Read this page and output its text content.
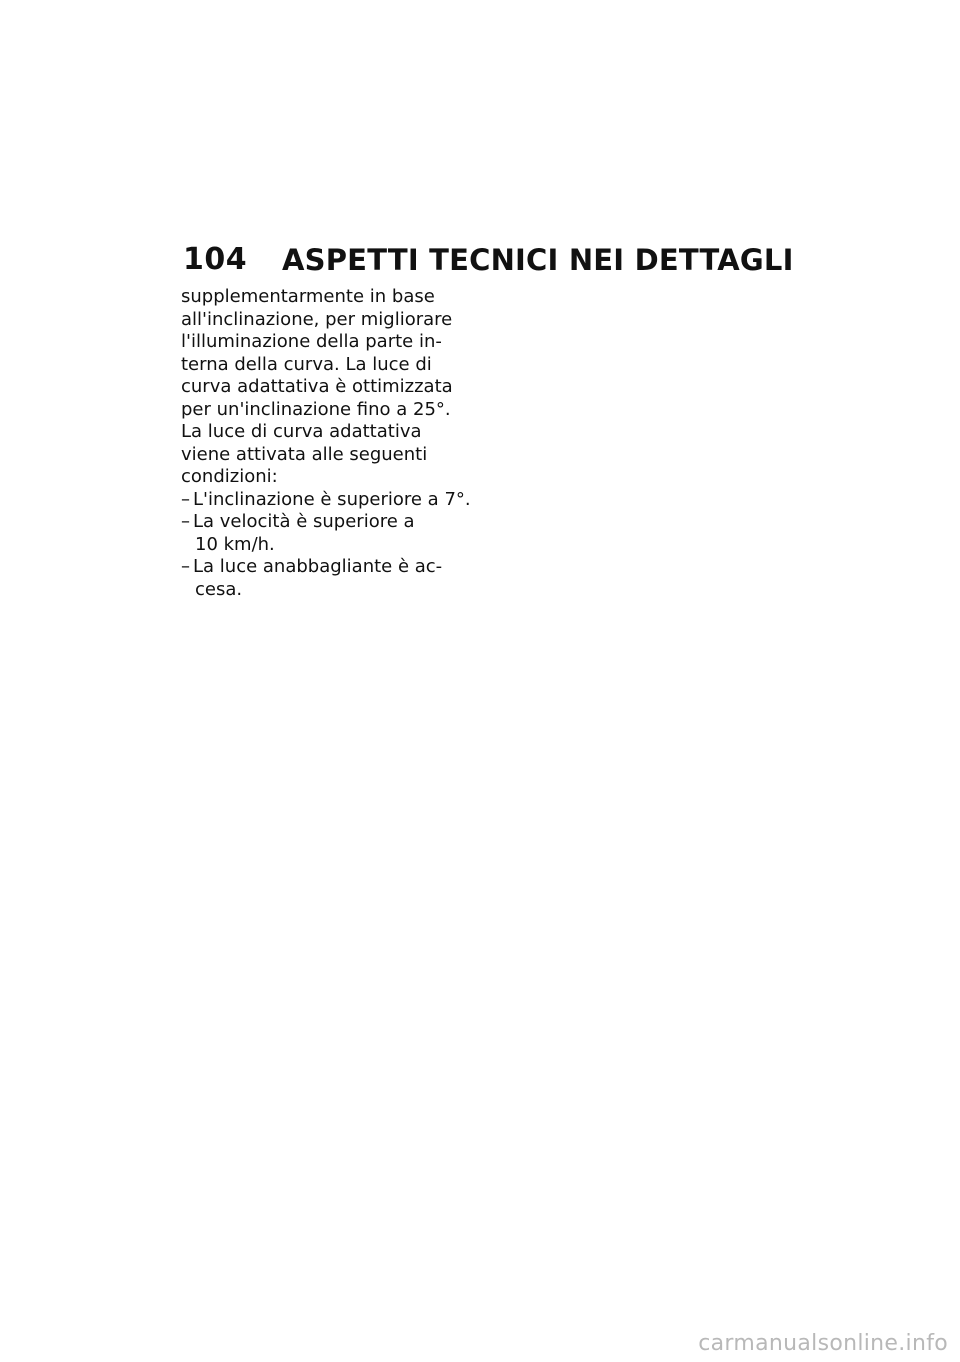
104 ASPETTI TECNICI NEI DETTAGLI
supplementarmente in base
all'inclinazione, per migliorare
l'illuminazione della parte in-
terna della curva. La luce di
curva adattativa è ottimizzata
per un'inclinazione fino a 25°.
La luce di curva adattativa
viene attivata alle seguenti
condizioni:
– L'inclinazione è superiore a 7°.
– La velocità è superiore a
10 km/h.
– La luce anabbagliante è ac-
cesa.
carmanualsonline.info
